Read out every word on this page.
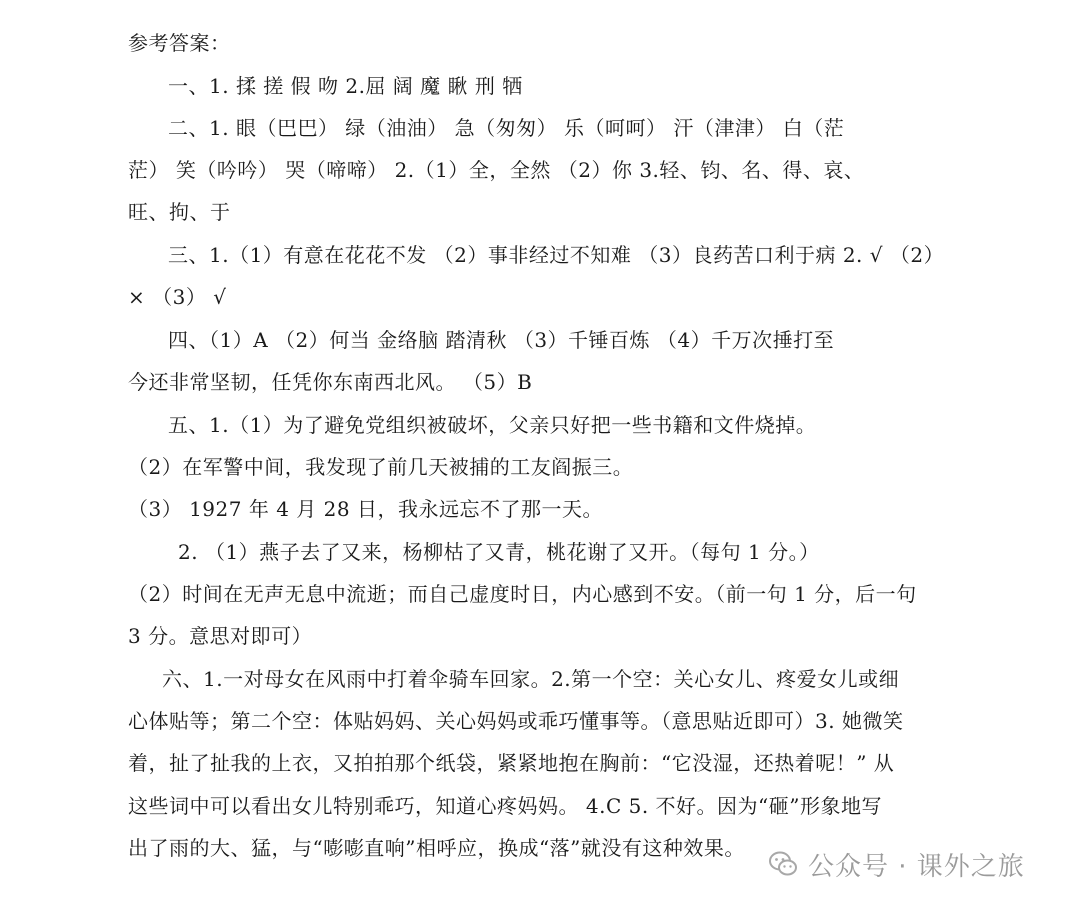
参考答案：
一、1. 揉 搓 假 吻 2.屈 阔 魔 瞅 刑 牺
二、1. 眼（巴巴） 绿（油油） 急（匆匆） 乐（呵呵） 汗（津津） 白（茫
茫） 笑（吟吟） 哭（啼啼） 2.（1）全，全然 （2）你 3.轻、钧、名、得、哀、
旺、拘、于
三、1.（1）有意在花花不发 （2）事非经过不知难 （3）良药苦口利于病 2. √ （2）
× （3） √
四、（1）A （2）何当 金络脑 踏清秋 （3）千锤百炼 （4）千万次捶打至
今还非常坚韧，任凭你东南西北风。 （5）B
五、1.（1）为了避免党组织被破坏，父亲只好把一些书籍和文件烧掉。
（2）在军警中间，我发现了前几天被捕的工友阎振三。
（3） 1927 年 4 月 28 日，我永远忘不了那一天。
2. （1）燕子去了又来，杨柳枯了又青，桃花谢了又开。（每句 1 分。）
（2）时间在无声无息中流逝；而自己虚度时日，内心感到不安。（前一句 1 分，后一句
3 分。意思对即可）
六、1.一对母女在风雨中打着伞骑车回家。2.第一个空：关心女儿、疼爱女儿或细
心体贴等；第二个空：体贴妈妈、关心妈妈或乖巧懂事等。（意思贴近即可）3. 她微笑
着，扯了扯我的上衣，又拍拍那个纸袋，紧紧地抱在胸前：“它没湿，还热着呢！” 从
这些词中可以看出女儿特别乖巧，知道心疼妈妈。 4.C 5. 不好。因为“砸”形象地写
出了雨的大、猛，与“嘭嘭直响”相呼应，换成“落”就没有这种效果。
公众号 · 课外之旅
